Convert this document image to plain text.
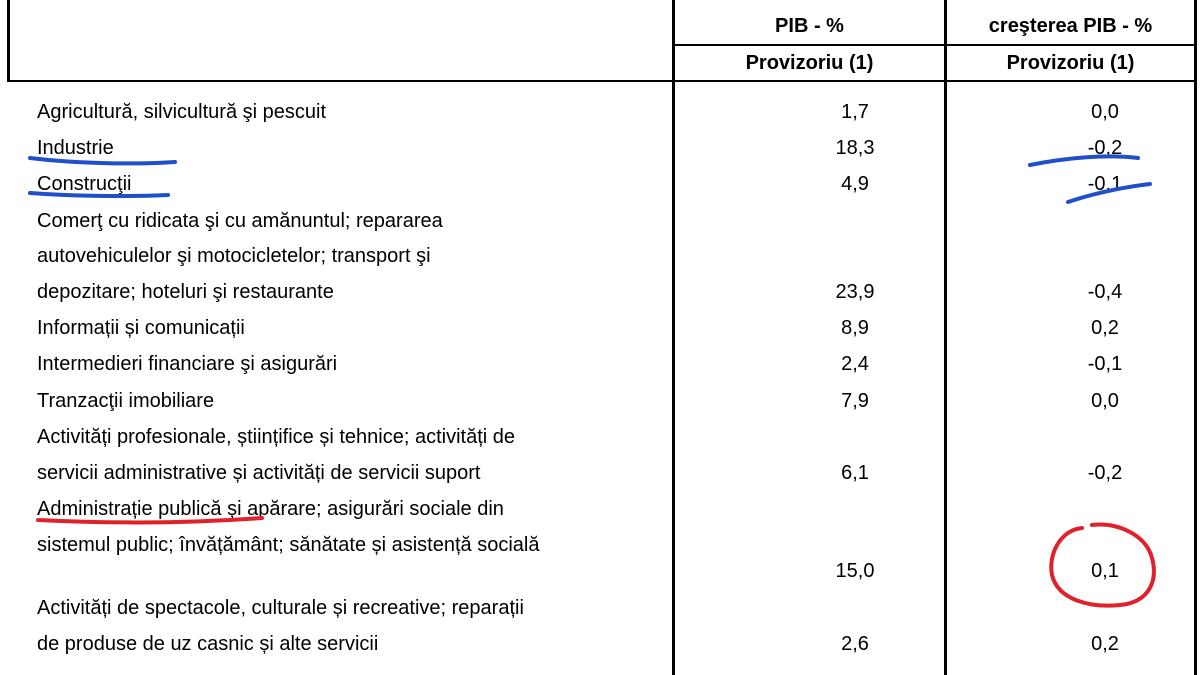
PIB - %	creşterea PIB - %
Provizoriu (1)	Provizoriu (1)
Agricultură, silvicultură şi pescuit	1,7	0,0
Industrie	18,3	-0,2
Construcţii	4,9	-0,1
Comerţ cu ridicata şi cu amănuntul; repararea
autovehiculelor şi motocicletelor; transport şi
depozitare; hoteluri şi restaurante	23,9	-0,4
Informații și comunicații	8,9	0,2
Intermedieri financiare şi asigurări	2,4	-0,1
Tranzacţii imobiliare	7,9	0,0
Activități profesionale, științifice și tehnice; activități de
servicii administrative și activități de servicii suport	6,1	-0,2
Administrație publică și apărare; asigurări sociale din
sistemul public; învățământ; sănătate și asistență socială
15,0	0,1
Activități de spectacole, culturale și recreative; reparații
de produse de uz casnic și alte servicii	2,6	0,2
